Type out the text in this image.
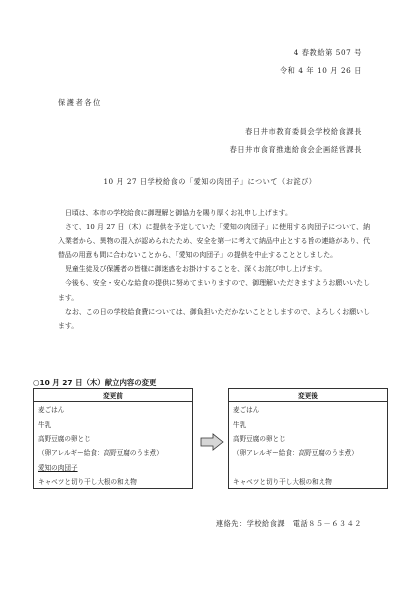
4 春教給第 507 号
令和 4 年 10 月 26 日
保護者各位
春日井市教育委員会学校給食課長
春日井市食育推進給食会企画経営課長
10 月 27 日学校給食の「愛知の肉団子」について（お詫び）

日頃は、本市の学校給食に御理解と御協力を賜り厚くお礼申し上げます。

さて、10 月 27 日（木）に提供を予定していた「愛知の肉団子」に使用する肉団子について、納入業者から、異物の混入が認められたため、安全を第一に考えて納品中止とする旨の連絡があり、代替品の用意も間に合わないことから、「愛知の肉団子」の提供を中止することとしました。

児童生徒及び保護者の皆様に御迷惑をお掛けすることを、深くお詫び申し上げます。

今後も、安全・安心な給食の提供に努めてまいりますので、御理解いただきますようお願いいたします。

なお、この日の学校給食費については、御負担いただかないこととしますので、よろしくお願いします。

○10 月 27 日（木）献立内容の変更
変更前
麦ごはん
牛乳
高野豆腐の卵とじ
（卵アレルギー給食：高野豆腐のうま煮）
愛知の肉団子
キャベツと切り干し大根の和え物
変更後
麦ごはん
牛乳
高野豆腐の卵とじ
（卵アレルギー給食：高野豆腐のうま煮）

キャベツと切り干し大根の和え物
連絡先：学校給食課　電話８５－６３４２
